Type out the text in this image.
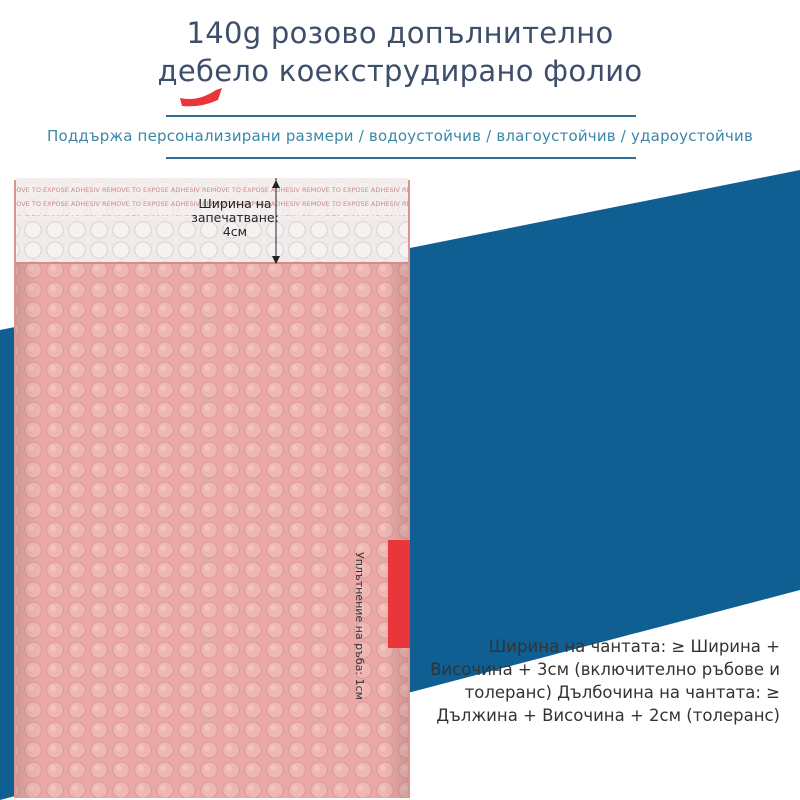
140g розово допълнително
дебело коекструдирано фолио
Поддържа персонализирани размери / водоустойчив / влагоустойчив / удароустойчив
Ширина на запечатване: 4см
Уплътнение на ръба: 1см	Ширина на чантата: ≥ Ширина + Височина + 3см (включително ръбове и толеранс) Дълбочина на чантата: ≥ Дължина + Височина + 2см (толеранс)
